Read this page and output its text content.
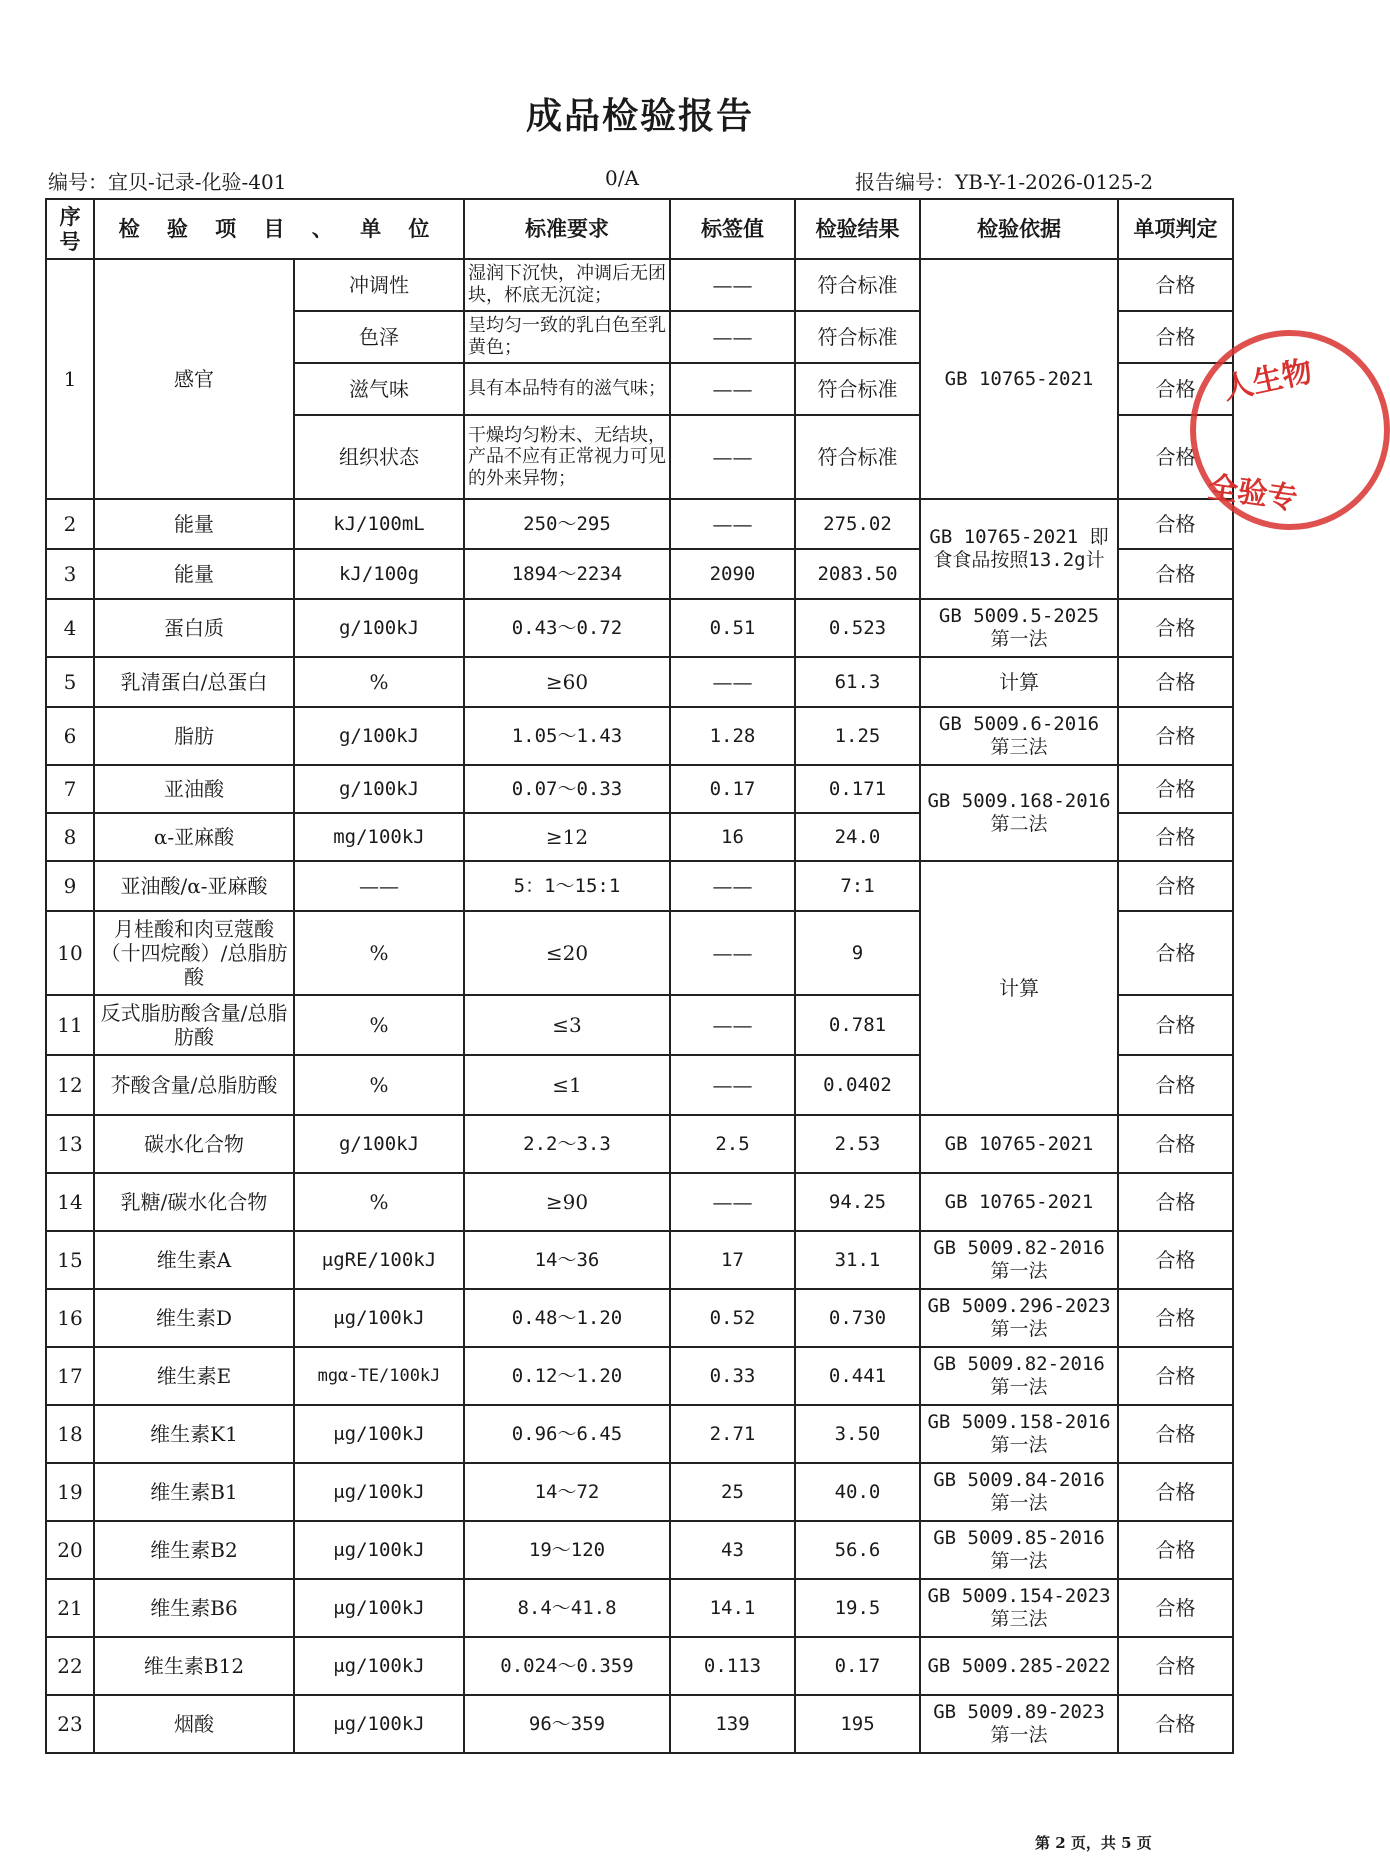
成品检验报告
编号：宜贝-记录-化验-401	0/A	报告编号：YB-Y-1-2026-0125-2
序号	检 验 项 目 、 单 位		标准要求	标签值	检验结果	检验依据	单项判定
1	感官	冲调性	湿润下沉快，冲调后无团块，杯底无沉淀；	——	符合标准	GB 10765-2021	合格
		色泽	呈均匀一致的乳白色至乳黄色；	——	符合标准		合格
		滋气味	具有本品特有的滋气味；	——	符合标准		合格
		组织状态	干燥均匀粉末、无结块，产品不应有正常视力可见的外来异物；	——	符合标准		合格
2	能量	kJ/100mL	250～295	——	275.02	GB 10765-2021 即食食品按照13.2g计	合格
3	能量	kJ/100g	1894～2234	2090	2083.50		合格
4	蛋白质	g/100kJ	0.43～0.72	0.51	0.523	GB 5009.5-2025 第一法	合格
5	乳清蛋白/总蛋白	%	≥60	——	61.3	计算	合格
6	脂肪	g/100kJ	1.05～1.43	1.28	1.25	GB 5009.6-2016 第三法	合格
7	亚油酸	g/100kJ	0.07～0.33	0.17	0.171	GB 5009.168-2016 第二法	合格
8	α-亚麻酸	mg/100kJ	≥12	16	24.0		合格
9	亚油酸/α-亚麻酸	——	5：1～15:1	——	7:1	计算	合格
10	月桂酸和肉豆蔻酸（十四烷酸）/总脂肪酸	%	≤20	——	9		合格
11	反式脂肪酸含量/总脂肪酸	%	≤3	——	0.781		合格
12	芥酸含量/总脂肪酸	%	≤1	——	0.0402		合格
13	碳水化合物	g/100kJ	2.2～3.3	2.5	2.53	GB 10765-2021	合格
14	乳糖/碳水化合物	%	≥90	——	94.25	GB 10765-2021	合格
15	维生素A	μgRE/100kJ	14～36	17	31.1	GB 5009.82-2016 第一法	合格
16	维生素D	μg/100kJ	0.48～1.20	0.52	0.730	GB 5009.296-2023 第一法	合格
17	维生素E	mgα-TE/100kJ	0.12～1.20	0.33	0.441	GB 5009.82-2016 第一法	合格
18	维生素K1	μg/100kJ	0.96～6.45	2.71	3.50	GB 5009.158-2016 第一法	合格
19	维生素B1	μg/100kJ	14～72	25	40.0	GB 5009.84-2016 第一法	合格
20	维生素B2	μg/100kJ	19～120	43	56.6	GB 5009.85-2016 第一法	合格
21	维生素B6	μg/100kJ	8.4～41.8	14.1	19.5	GB 5009.154-2023 第三法	合格
22	维生素B12	μg/100kJ	0.024～0.359	0.113	0.17	GB 5009.285-2022	合格
23	烟酸	μg/100kJ	96～359	139	195	GB 5009.89-2023 第一法	合格
人生物
全验专
第 2 页，共 5 页
